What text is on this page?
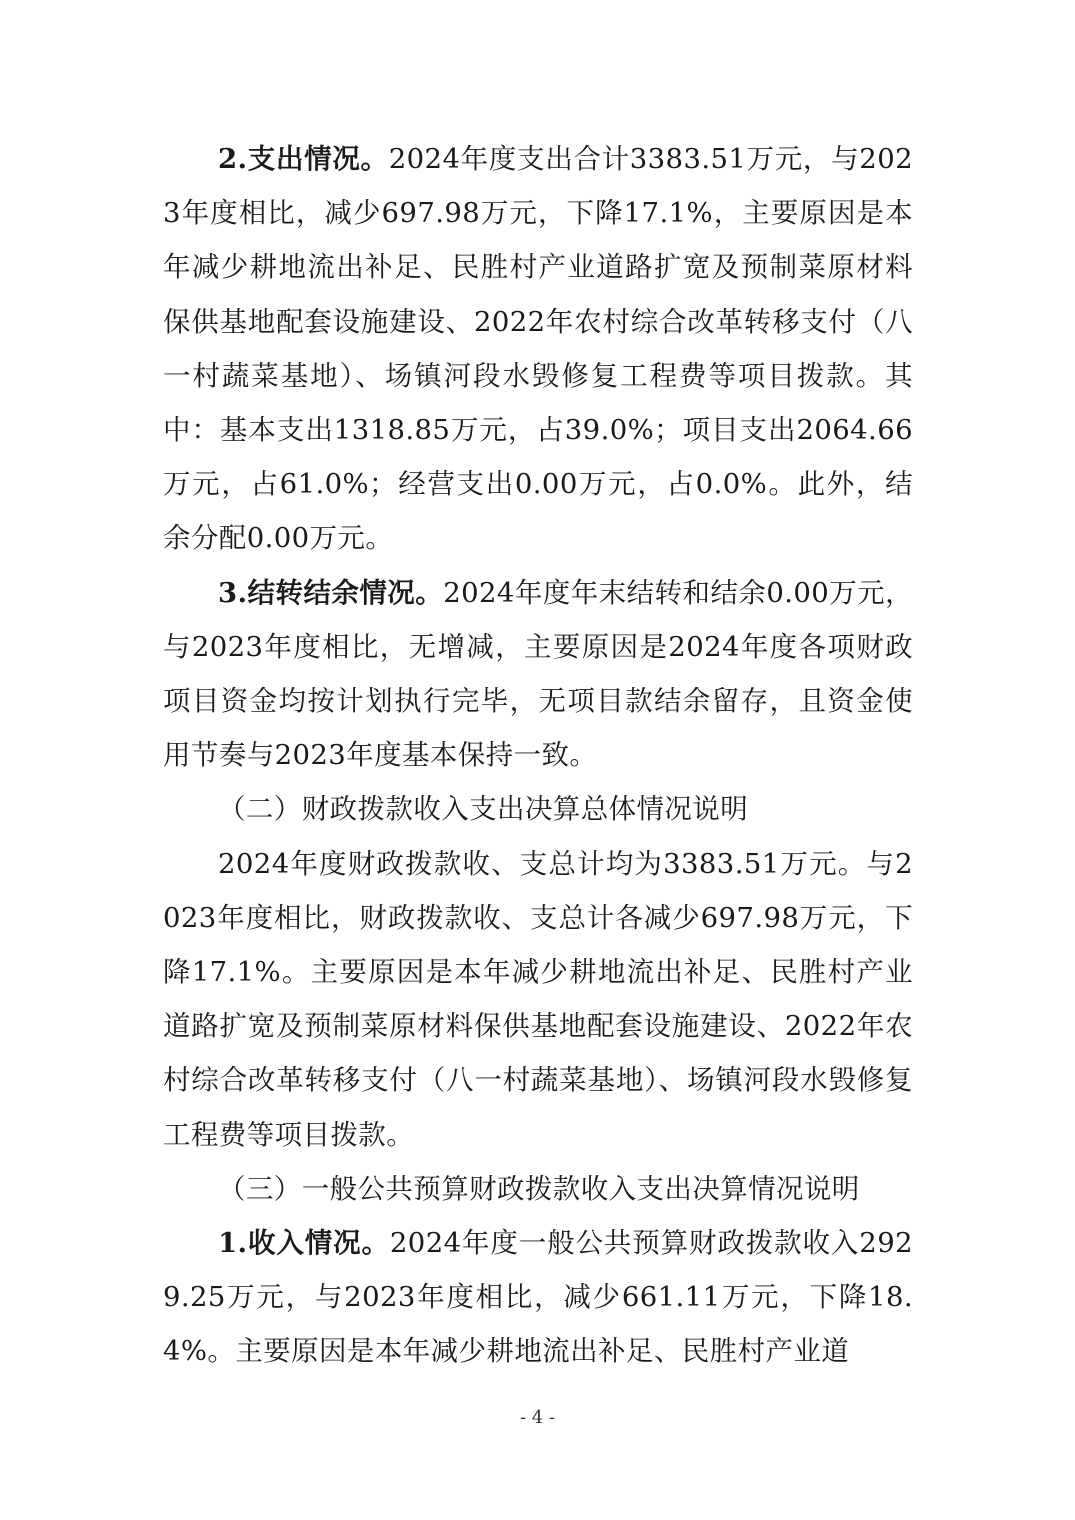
2.支出情况。2024年度支出合计3383.51万元，与2023年度相比，减少697.98万元，下降17.1%，主要原因是本年减少耕地流出补足、民胜村产业道路扩宽及预制菜原材料保供基地配套设施建设、2022年农村综合改革转移支付（八一村蔬菜基地）、场镇河段水毁修复工程费等项目拨款。其中：基本支出1318.85万元，占39.0%；项目支出2064.66万元，占61.0%；经营支出0.00万元，占0.0%。此外，结余分配0.00万元。

3.结转结余情况。2024年度年末结转和结余0.00万元，与2023年度相比，无增减，主要原因是2024年度各项财政项目资金均按计划执行完毕，无项目款结余留存，且资金使用节奏与2023年度基本保持一致。

（二）财政拨款收入支出决算总体情况说明

2024年度财政拨款收、支总计均为3383.51万元。与2023年度相比，财政拨款收、支总计各减少697.98万元，下降17.1%。主要原因是本年减少耕地流出补足、民胜村产业道路扩宽及预制菜原材料保供基地配套设施建设、2022年农村综合改革转移支付（八一村蔬菜基地）、场镇河段水毁修复工程费等项目拨款。

（三）一般公共预算财政拨款收入支出决算情况说明

1.收入情况。2024年度一般公共预算财政拨款收入2929.25万元，与2023年度相比，减少661.11万元，下降18.4%。主要原因是本年减少耕地流出补足、民胜村产业道

- 4 -
